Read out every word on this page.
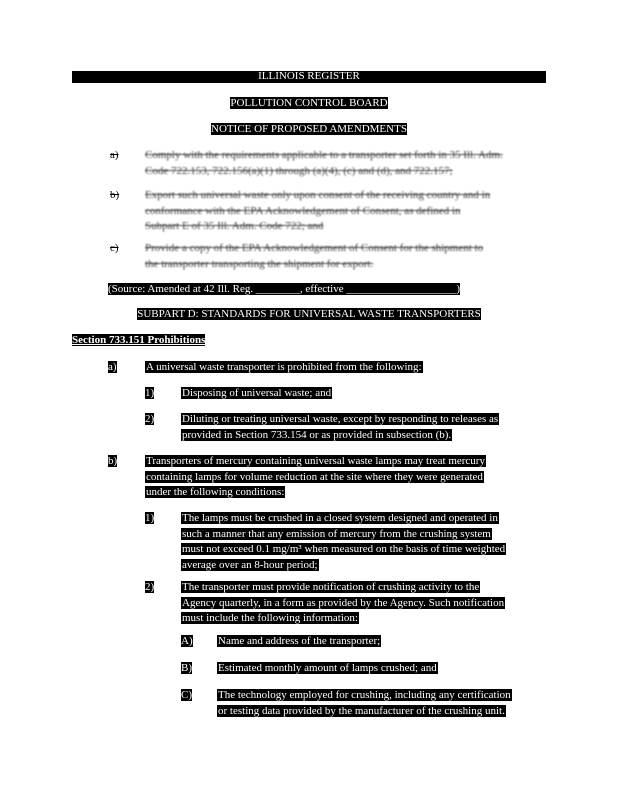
ILLINOIS REGISTER
POLLUTION CONTROL BOARD
NOTICE OF PROPOSED AMENDMENTS
a) Comply with the requirements applicable to a transporter set forth in 35 Ill. Adm.
Code 722.153, 722.156(a)(1) through (a)(4), (c) and (d), and 722.157;
b) Export such universal waste only upon consent of the receiving country and in
conformance with the EPA Acknowledgement of Consent, as defined in
Subpart E of 35 Ill. Adm. Code 722; and
c) Provide a copy of the EPA Acknowledgement of Consent for the shipment to
the transporter transporting the shipment for export.
(Source: Amended at 42 Ill. Reg. ________, effective ____________________)
SUBPART D: STANDARDS FOR UNIVERSAL WASTE TRANSPORTERS
Section 733.151 Prohibitions
a)	A universal waste transporter is prohibited from the following:
1)	Disposing of universal waste; and
2)	Diluting or treating universal waste, except by responding to releases as
provided in Section 733.154 or as provided in subsection (b).
b)	Transporters of mercury containing universal waste lamps may treat mercury
containing lamps for volume reduction at the site where they were generated
under the following conditions:
1)	The lamps must be crushed in a closed system designed and operated in
such a manner that any emission of mercury from the crushing system
must not exceed 0.1 mg/m³ when measured on the basis of time weighted
average over an 8-hour period;
2)	The transporter must provide notification of crushing activity to the
Agency quarterly, in a form as provided by the Agency. Such notification
must include the following information:
A) Name and address of the transporter;
B) Estimated monthly amount of lamps crushed; and
C) The technology employed for crushing, including any certification
or testing data provided by the manufacturer of the crushing unit.
